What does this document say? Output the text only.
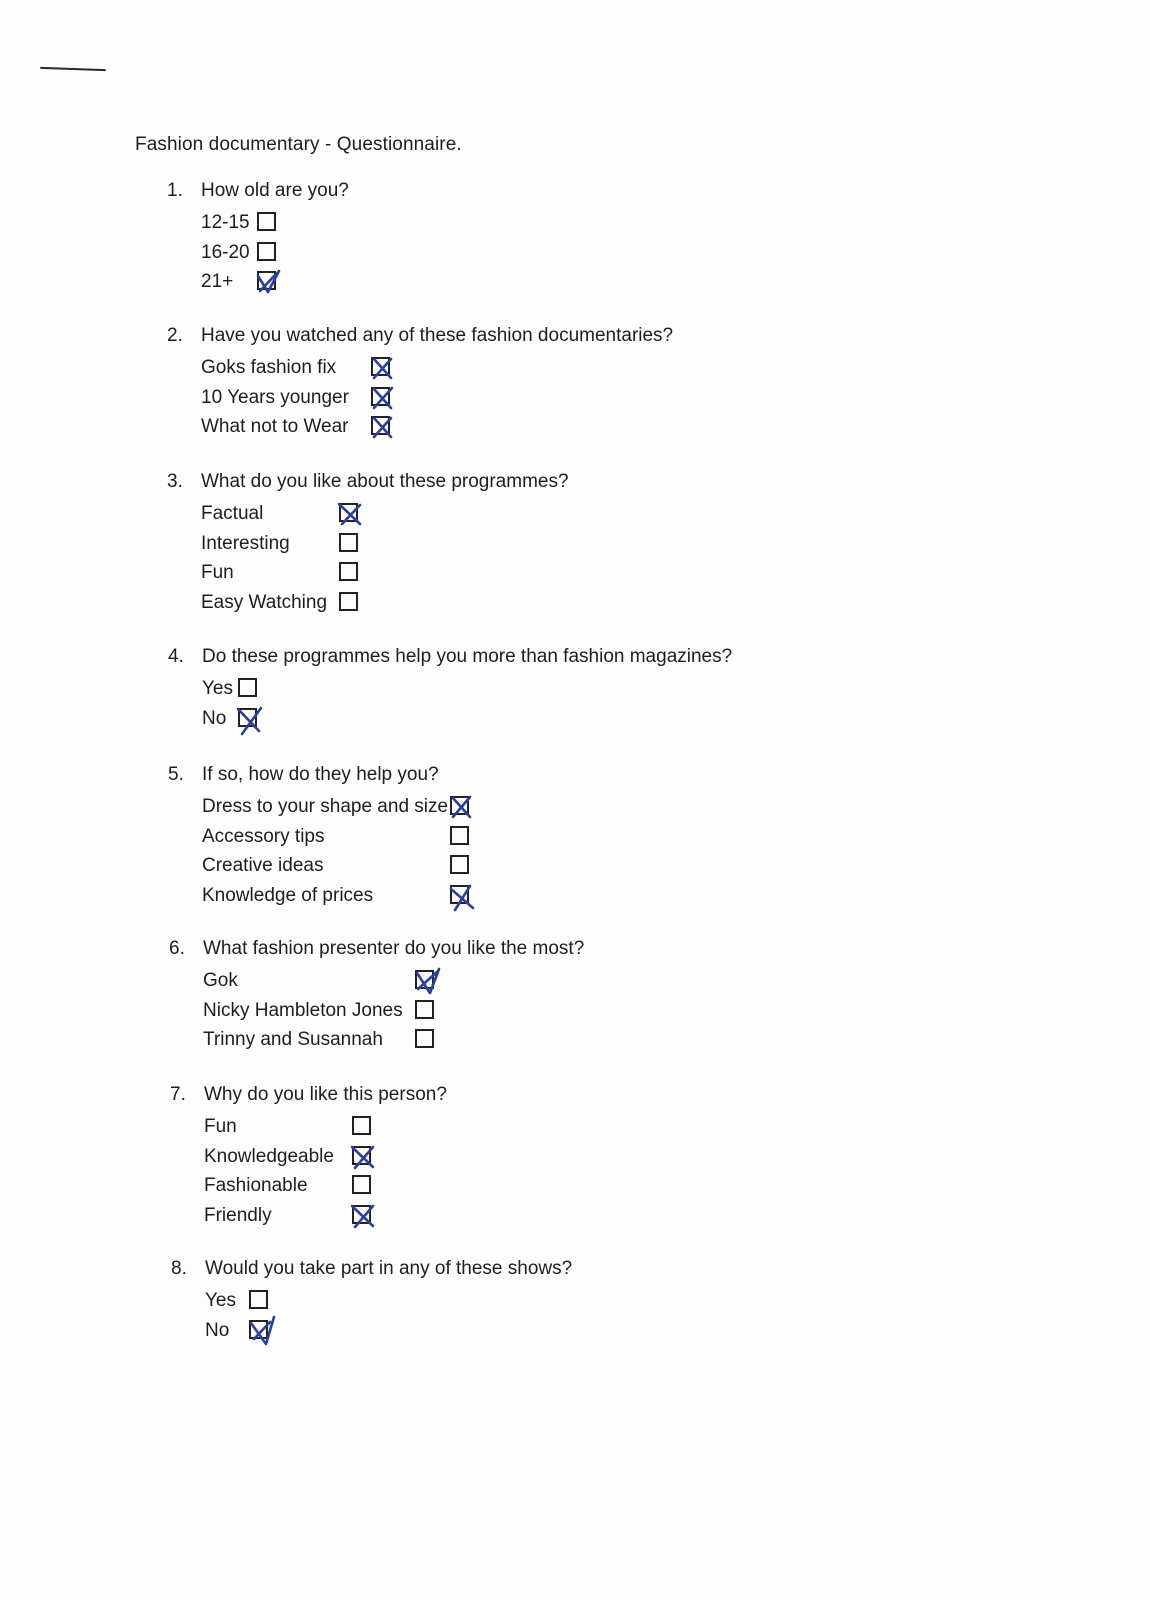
Fashion documentary - Questionnaire.
1. How old are you?
12-15
16-20
21+
2. Have you watched any of these fashion documentaries?
Goks fashion fix
10 Years younger
What not to Wear
3. What do you like about these programmes?
Factual
Interesting
Fun
Easy Watching
4. Do these programmes help you more than fashion magazines?
Yes
No
5. If so, how do they help you?
Dress to your shape and size
Accessory tips
Creative ideas
Knowledge of prices
6. What fashion presenter do you like the most?
Gok
Nicky Hambleton Jones
Trinny and Susannah
7. Why do you like this person?
Fun
Knowledgeable
Fashionable
Friendly
8. Would you take part in any of these shows?
Yes
No
